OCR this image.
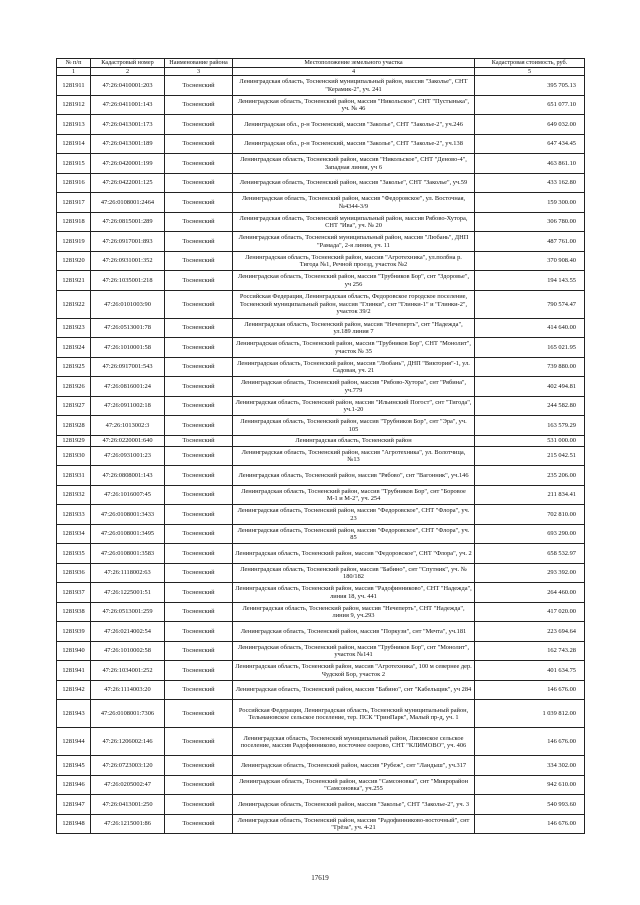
№ п/п	Кадастровый номер	Наименование района	Местоположение земельного участка	Кадастровая стоимость, руб.
1	2	3	4	5
1281911	47:26:0410001:203	Тосненский	Ленинградская область, Тосненский муниципальный район, массив "Заколье", СНТ "Керамик-2", уч. 241	395 705.13
1281912	47:26:0411001:143	Тосненский	Ленинградская область, Тосненский район, массив "Никольское", СНТ "Пустынька", уч. № 46	651 077.10
1281913	47:26:0413001:173	Тосненский	Ленинградская обл., р-н Тосненский, массив "Заколье", СНТ "Заколье-2", уч.246	649 032.00
1281914	47:26:0413001:189	Тосненский	Ленинградская обл., р-н Тосненский, массив "Заколье", СНТ "Заколье-2", уч.138	647 434.45
1281915	47:26:0420001:199	Тосненский	Ленинградская область, Тосненский район, массив "Никольское", СНТ "Деново-4", Западная линия, уч 6	463 861.10
1281916	47:26:0422001:125	Тосненский	Ленинградская область, Тосненский район, массив "Заколье", СНТ "Заколье", уч.59	433 162.80
1281917	47:26:0108001:2464	Тосненский	Ленинградская область, Тосненский район, массив "Федоровское", ул. Восточная, №4344-3/9	159 300.00
1281918	47:26:0815001:289	Тосненский	Ленинградская область, Тосненский муниципальный район, массив Рябово-Хутора, СНТ "Ива", уч. № 20	306 780.00
1281919	47:26:0917001:893	Тосненский	Ленинградская область, Тосненский муниципальный район, массив "Любань", ДНП "Рамада", 2-я линия, уч. 11	487 761.00
1281920	47:26:0931001:352	Тосненский	Ленинградская область, Тосненский район, массив "Агротехника", ул.полбна р. Тигода №1, Речной проезд, участок №2	370 908.40
1281921	47:26:1035001:218	Тосненский	Ленинградская область, Тосненский район, массив "Трубников Бор", снт "Здоровье", уч 256	194 143.55
1281922	47:26:0101003:90	Тосненский	Российская Федерация, Ленинградская область, Федоровское городское поселение, Тосненский муниципальный район, массив "Глинки", снт "Глинки-1" и "Глинки-2", участок 39/2	790 574.47
1281923	47:26:0513001:78	Тосненский	Ленинградская область, Тосненский район, массив "Нечеперть", снт "Надежда", ул.189 линия 7	414 640.00
1281924	47:26:1010001:58	Тосненский	Ленинградская область, Тосненский район, массив "Трубников Бор", СНТ "Монолит", участок № 35	165 021.95
1281925	47:26:0917001:543	Тосненский	Ленинградская область, Тосненский район, массив "Любань", ДНП "Виктория"-1, ул. Садовая, уч. 21	739 880.00
1281926	47:26:0816001:24	Тосненский	Ленинградская область, Тосненский район, массив "Рябово-Хутора", снт "Рябина", уч.779	402 494.81
1281927	47:26:0911002:18	Тосненский	Ленинградская область, Тосненский район, массив "Ильинский Погост", снт "Тигода", уч.1-20	244 582.80
1281928	47:26:1013002:3	Тосненский	Ленинградская область, Тосненский район, массив "Трубников Бор", снт "Эра", уч. 105	163 579.29
1281929	47:26:0220001:640	Тосненский	Ленинградская область, Тосненский район	531 000.00
1281930	47:26:0931001:23	Тосненский	Ленинградская область, Тосненский район, массив "Агротехника", ул. Волотчица, №13	215 042.51
1281931	47:26:0808001:143	Тосненский	Ленинградская область, Тосненский район, массив "Рябово", снт "Вагонник", уч.146	235 206.00
1281932	47:26:1016007:45	Тосненский	Ленинградская область, Тосненский район, массив "Трубников Бор", снт "Боровое М-1 и М-2", уч. 254	211 834.41
1281933	47:26:0108001:3433	Тосненский	Ленинградская область, Тосненский район, массив "Федоровское", СНТ "Флора", уч. 23	702 810.00
1281934	47:26:0108001:3495	Тосненский	Ленинградская область, Тосненский район, массив "Федоровское", СНТ "Флора", уч. 85	693 290.00
1281935	47:26:0108001:3583	Тосненский	Ленинградская область, Тосненский район, массив "Федоровское", СНТ "Флора", уч. 2	658 532.97
1281936	47:26:1118002:63	Тосненский	Ленинградская область, Тосненский район, массив "Бабино", снт "Спутник", уч. № 180/182	293 392.00
1281937	47:26:1225001:51	Тосненский	Ленинградская область, Тосненский район, массив "Радофинниково", СНТ "Надежда", линия 18, уч. 441	264 460.00
1281938	47:26:0513001:259	Тосненский	Ленинградская область, Тосненский район, массив "Нечеперть", СНТ "Надежда", линия 9, уч.293	417 020.00
1281939	47:26:0214002:54	Тосненский	Ленинградская область, Тосненский район, массив "Поркузи", снт "Мечта", уч.181	223 694.64
1281940	47:26:1010002:58	Тосненский	Ленинградская область, Тосненский район, массив "Трубников Бор", снт "Монолит", участок №141	162 743.28
1281941	47:26:1034001:252	Тосненский	Ленинградская область, Тосненский район, массив "Агротехника", 100 м севернее дер. Чудской Бор, участок 2	401 634.75
1281942	47:26:1114003:20	Тосненский	Ленинградская область, Тосненский район, массив "Бабино", снт "Кабельщик", уч 284	146 676.00
1281943	47:26:0108001:7306	Тосненский	Российская Федерация, Ленинградская область, Тосненский муниципальный район, Тельмановское сельское поселение, тер. ПСК "ГринПарк", Малый пр-д, уч. 1	1 039 812.00
1281944	47:26:1206002:146	Тосненский	Ленинградская область, Тосненский муниципальный район, Лисинское сельское поселение, массив Радофинниково, восточнее озерово, СНТ "КЛИМОВО", уч. 406	146 676.00
1281945	47:26:0723003:120	Тосненский	Ленинградская область, Тосненский район, массив "Рубеж", снт "Ландыш", уч.317	334 302.00
1281946	47:26:0205002:47	Тосненский	Ленинградская область, Тосненский район, массив "Самсоновка", снт "Микрорайон "Самсоновка", уч.255	942 610.00
1281947	47:26:0413001:250	Тосненский	Ленинградская область, Тосненский район, массив "Заколье", СНТ "Заколье-2", уч. 3	540 993.60
1281948	47:26:1215001:86	Тосненский	Ленинградская область, Тосненский район, массив "Радофинниково-восточный", снт "Грёза", уч. 4-21	146 676.00
17619
